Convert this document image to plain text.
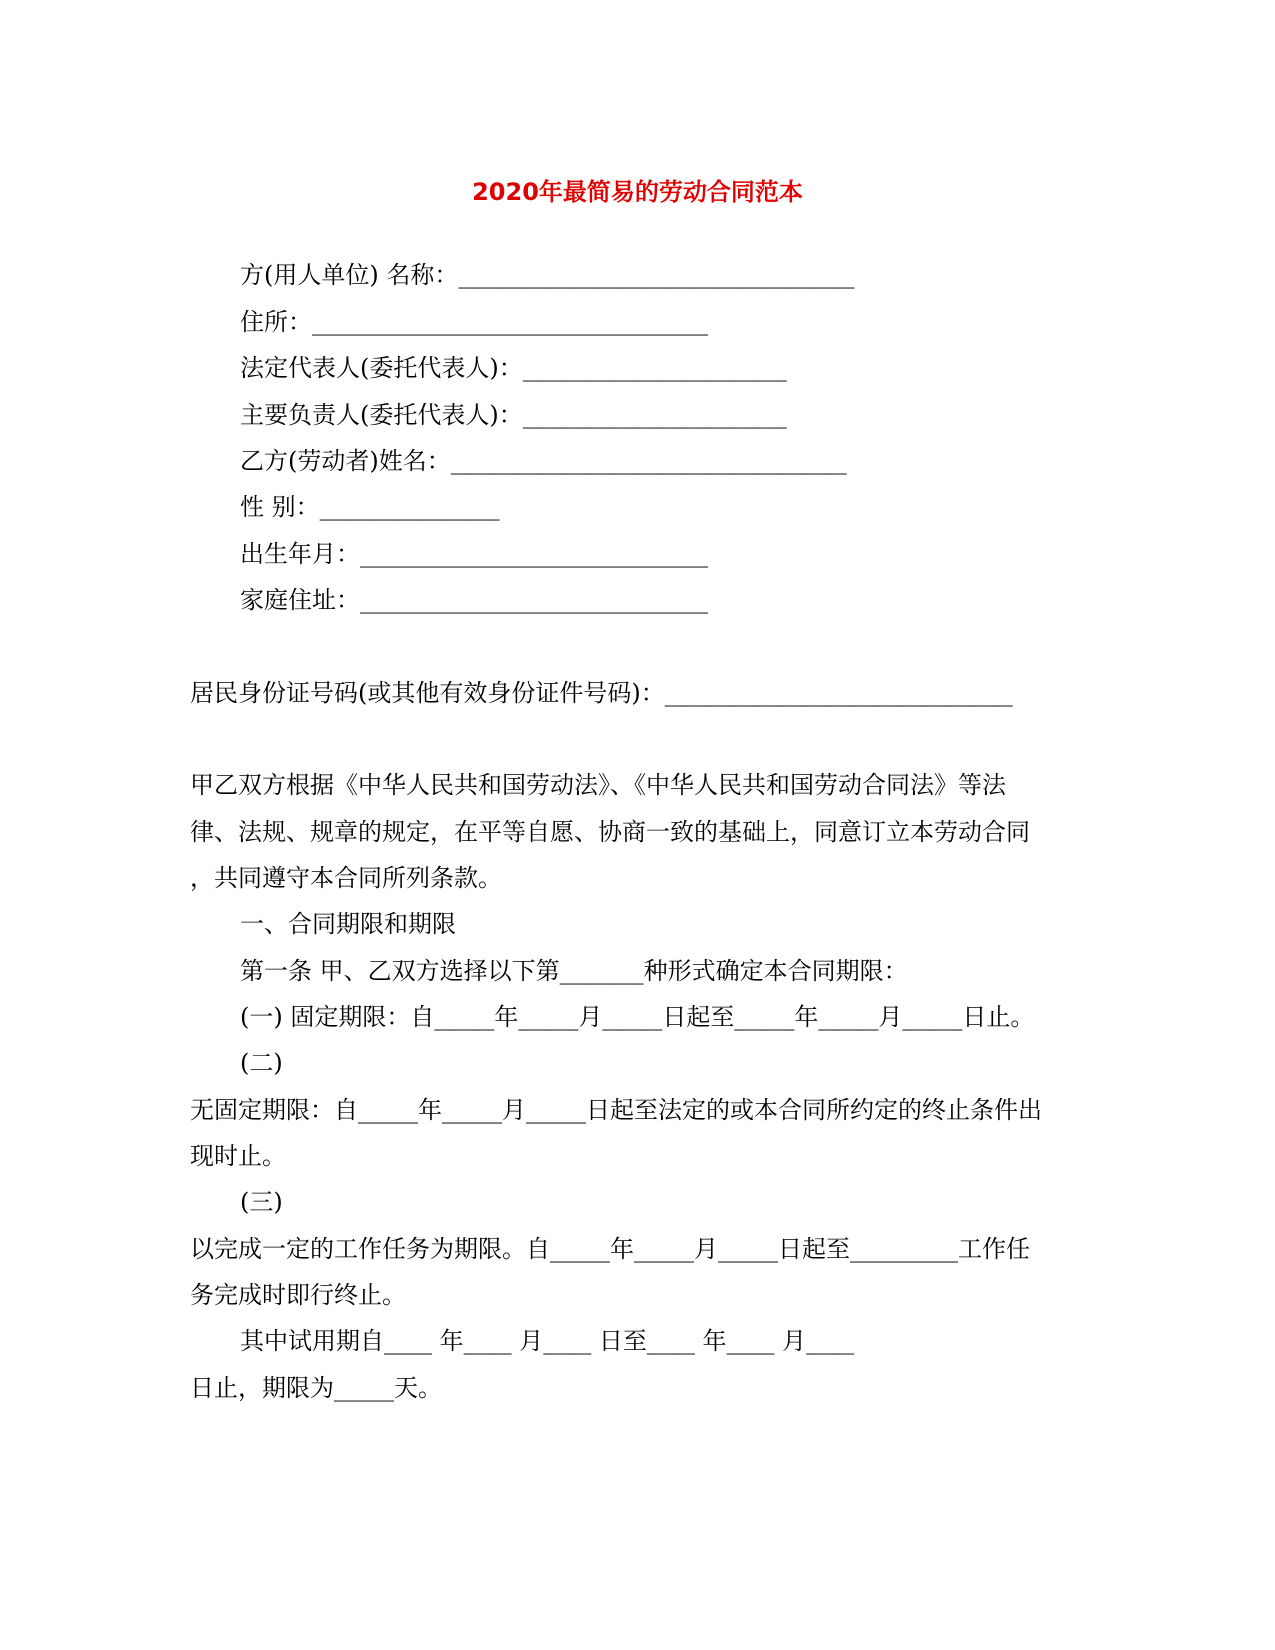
2020年最简易的劳动合同范本
方(用人单位) 名称：_________________________________
住所：_________________________________
法定代表人(委托代表人)：______________________
主要负责人(委托代表人)：______________________
乙方(劳动者)姓名：_________________________________
性 别：_______________
出生年月：_____________________________
家庭住址：_____________________________
居民身份证号码(或其他有效身份证件号码)：_____________________________
甲乙双方根据《中华人民共和国劳动法》、《中华人民共和国劳动合同法》等法
律、法规、规章的规定，在平等自愿、协商一致的基础上，同意订立本劳动合同
，共同遵守本合同所列条款。
一、合同期限和期限
第一条 甲、乙双方选择以下第_______种形式确定本合同期限：
(一) 固定期限：自_____年_____月_____日起至_____年_____月_____日止。
(二)
无固定期限：自_____年_____月_____日起至法定的或本合同所约定的终止条件出
现时止。
(三)
以完成一定的工作任务为期限。自_____年_____月_____日起至_________工作任
务完成时即行终止。
其中试用期自____ 年____ 月____ 日至____ 年____ 月____
日止，期限为_____天。
